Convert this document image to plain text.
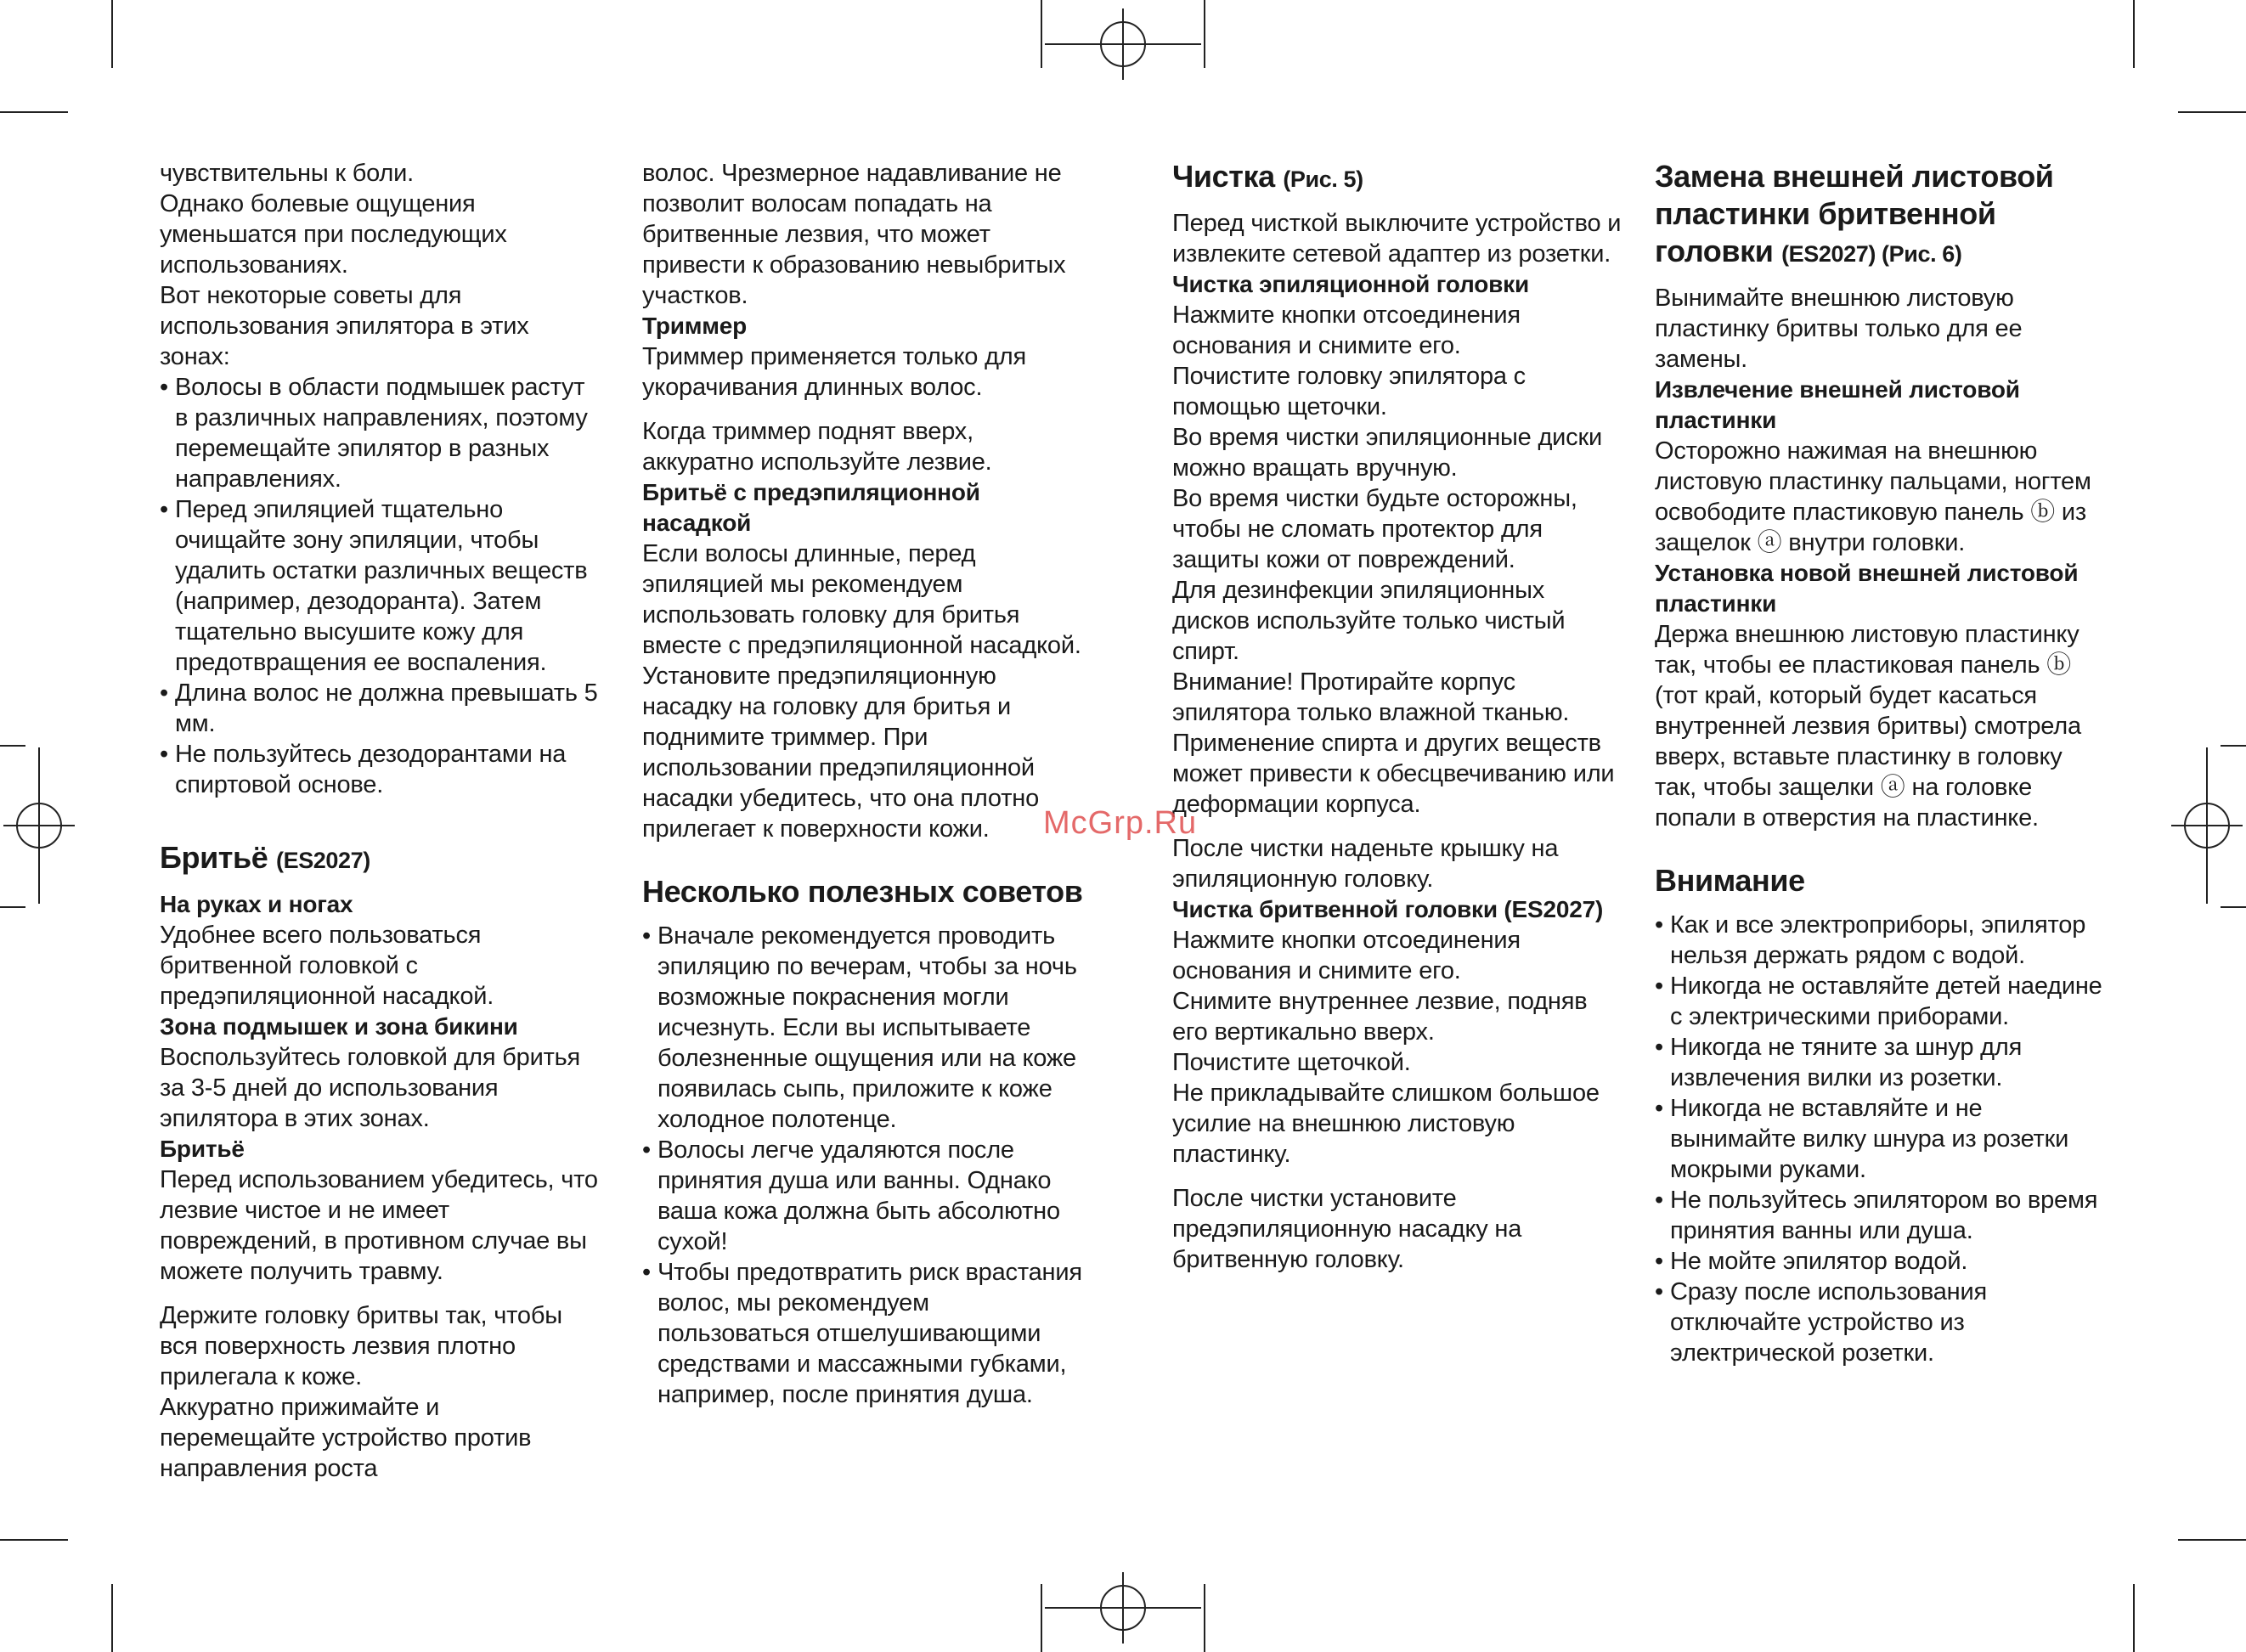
чувствительны к боли.

Однако болевые ощущения уменьшатся при последующих использованиях.

Вот некоторые советы для использования эпилятора в этих зонах:

• Волосы в области подмышек растут в различных направлениях, поэтому перемещайте эпилятор в разных направлениях.
• Перед эпиляцией тщательно очищайте зону эпиляции, чтобы удалить остатки различных веществ (например, дезодоранта). Затем тщательно высушите кожу для предотвращения ее воспаления.
• Длина волос не должна превышать 5 мм.
• Не пользуйтесь дезодорантами на спиртовой основе.
Бритьё (ES2027)

На руках и ногах

Удобнее всего пользоваться бритвенной головкой с предэпиляционной насадкой.

Зона подмышек и зона бикини

Воспользуйтесь головкой для бритья за 3-5 дней до использования эпилятора в этих зонах.

Бритьё

Перед использованием убедитесь, что лезвие чистое и не имеет повреждений, в противном случае вы можете получить травму.

Держите головку бритвы так, чтобы вся поверхность лезвия плотно прилегала к коже.

Аккуратно прижимайте и перемещайте устройство против направления роста

волос. Чрезмерное надавливание не позволит волосам попадать на бритвенные лезвия, что может привести к образованию невыбритых участков.

Триммер

Триммер применяется только для укорачивания длинных волос.

Когда триммер поднят вверх, аккуратно используйте лезвие.

Бритьё с предэпиляционной насадкой

Если волосы длинные, перед эпиляцией мы рекомендуем использовать головку для бритья вместе с предэпиляционной насадкой. Установите предэпиляционную насадку на головку для бритья и поднимите триммер. При использовании предэпиляционной насадки убедитесь, что она плотно прилегает к поверхности кожи.

Несколько полезных советов
• Вначале рекомендуется проводить эпиляцию по вечерам, чтобы за ночь возможные покраснения могли исчезнуть. Если вы испытываете болезненные ощущения или на коже появилась сыпь, приложите к коже холодное полотенце.
• Волосы легче удаляются после принятия душа или ванны. Однако ваша кожа должна быть абсолютно сухой!
• Чтобы предотвратить риск врастания волос, мы рекомендуем пользоваться отшелушивающими средствами и массажными губками, например, после принятия душа.
Чистка (Рис. 5)

Перед чисткой выключите устройство и извлеките сетевой адаптер из розетки.

Чистка эпиляционной головки

Нажмите кнопки отсоединения основания и снимите его.

Почистите головку эпилятора с помощью щеточки.

Во время чистки эпиляционные диски можно вращать вручную.

Во время чистки будьте осторожны, чтобы не сломать протектор для защиты кожи от повреждений.

Для дезинфекции эпиляционных дисков используйте только чистый спирт.

Внимание! Протирайте корпус эпилятора только влажной тканью. Применение спирта и других веществ может привести к обесцвечиванию или деформации корпуса.

После чистки наденьте крышку на эпиляционную головку.

Чистка бритвенной головки (ES2027)

Нажмите кнопки отсоединения основания и снимите его.

Снимите внутреннее лезвие, подняв его вертикально вверх.

Почистите щеточкой.

Не прикладывайте слишком большое усилие на внешнюю листовую пластинку.

После чистки установите предэпиляционную насадку на бритвенную головку.

Замена внешней листовой пластинки бритвенной головки (ES2027) (Рис. 6)

Вынимайте внешнюю листовую пластинку бритвы только для ее замены.

Извлечение внешней листовой пластинки

Осторожно нажимая на внешнюю листовую пластинку пальцами, ногтем освободите пластиковую панель ⓑ из защелок ⓐ внутри головки.

Установка новой внешней листовой пластинки

Держа внешнюю листовую пластинку так, чтобы ее пластиковая панель ⓑ (тот край, который будет касаться внутренней лезвия бритвы) смотрела вверх, вставьте пластинку в головку так, чтобы защелки ⓐ на головке попали в отверстия на пластинке.

Внимание
• Как и все электроприборы, эпилятор нельзя держать рядом с водой.
• Никогда не оставляйте детей наедине с электрическими приборами.
• Никогда не тяните за шнур для извлечения вилки из розетки.
• Никогда не вставляйте и не вынимайте вилку шнура из розетки мокрыми руками.
• Не пользуйтесь эпилятором во время принятия ванны или душа.
• Не мойте эпилятор водой.
• Сразу после использования отключайте устройство из электрической розетки.
McGrp.Ru
